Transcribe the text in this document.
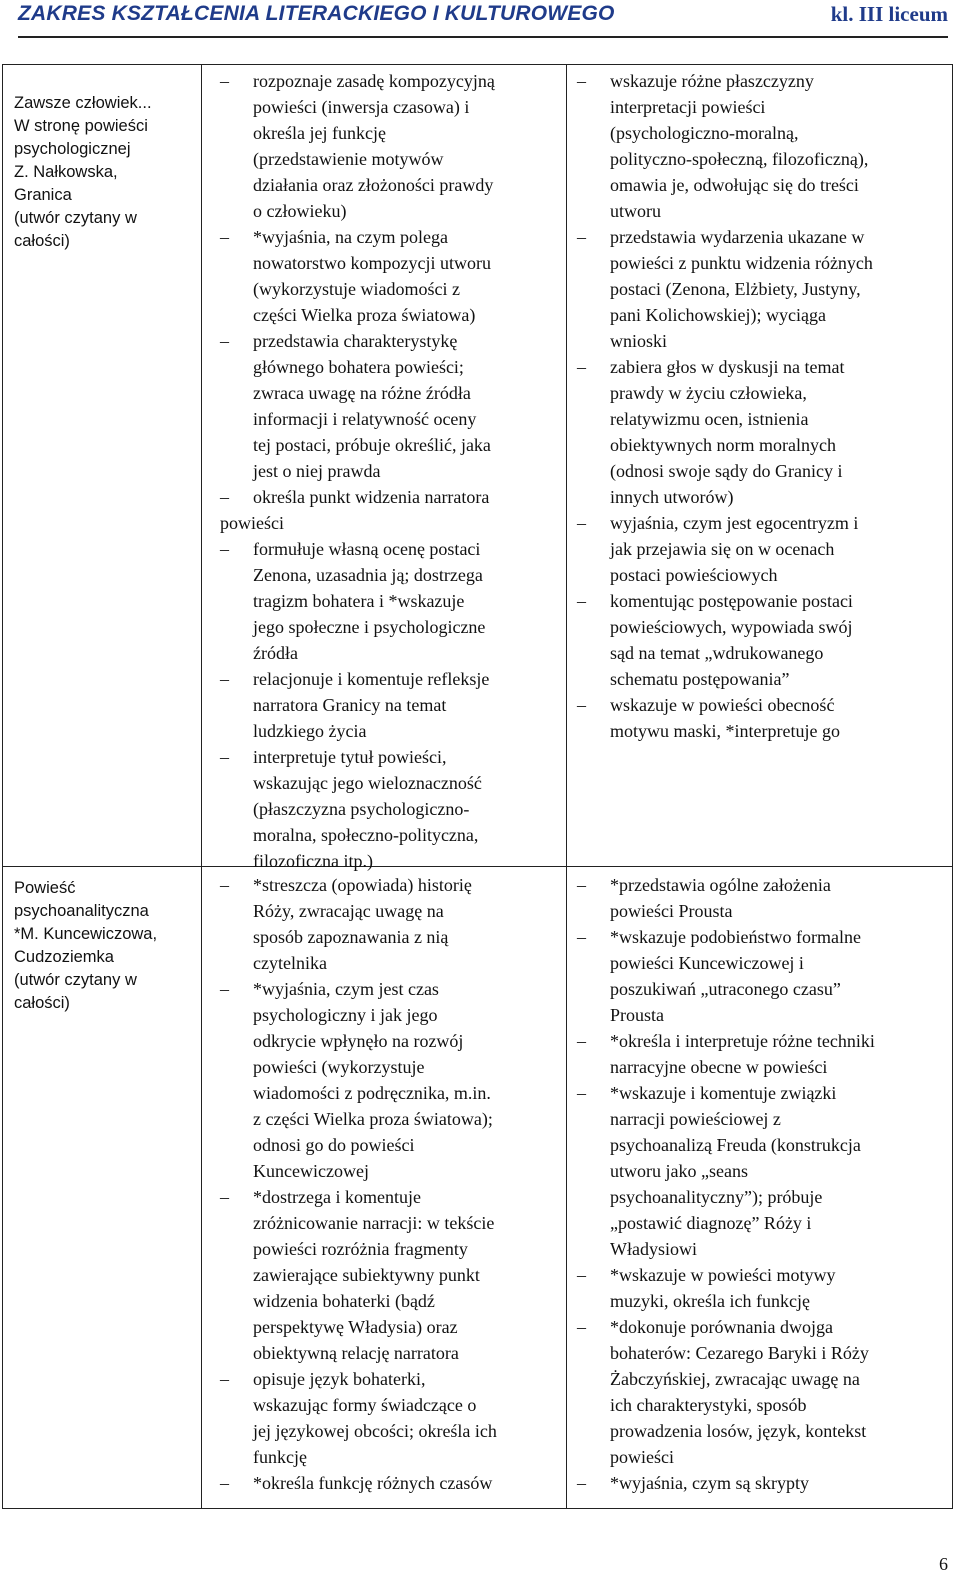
ZAKRES KSZTAŁCENIA LITERACKIEGO I KULTUROWEGO	kl. III liceum
Zawsze człowiek...
W stronę powieści
psychologicznej
Z. Nałkowska,
Granica
(utwór czytany w
całości)
– rozpoznaje zasadę kompozycyjną
powieści (inwersja czasowa) i
określa jej funkcję
(przedstawienie motywów
działania oraz złożoności prawdy
o człowieku)
– *wyjaśnia, na czym polega
nowatorstwo kompozycji utworu
(wykorzystuje wiadomości z
części Wielka proza światowa)
– przedstawia charakterystykę
głównego bohatera powieści;
zwraca uwagę na różne źródła
informacji i relatywność oceny
tej postaci, próbuje określić, jaka
jest o niej prawda
– określa punkt widzenia narratora
powieści
– formułuje własną ocenę postaci
Zenona, uzasadnia ją; dostrzega
tragizm bohatera i *wskazuje
jego społeczne i psychologiczne
źródła
– relacjonuje i komentuje refleksje
narratora Granicy na temat
ludzkiego życia
– interpretuje tytuł powieści,
wskazując jego wieloznaczność
(płaszczyzna psychologiczno-
moralna, społeczno-polityczna,
filozoficzna itp.)
– wskazuje różne płaszczyzny
interpretacji powieści
(psychologiczno-moralną,
polityczno-społeczną, filozoficzną),
omawia je, odwołując się do treści
utworu
– przedstawia wydarzenia ukazane w
powieści z punktu widzenia różnych
postaci (Zenona, Elżbiety, Justyny,
pani Kolichowskiej); wyciąga
wnioski
– zabiera głos w dyskusji na temat
prawdy w życiu człowieka,
relatywizmu ocen, istnienia
obiektywnych norm moralnych
(odnosi swoje sądy do Granicy i
innych utworów)
– wyjaśnia, czym jest egocentryzm i
jak przejawia się on w ocenach
postaci powieściowych
– komentując postępowanie postaci
powieściowych, wypowiada swój
sąd na temat „wdrukowanego
schematu postępowania”
– wskazuje w powieści obecność
motywu maski, *interpretuje go
Powieść
psychoanalityczna
*M. Kuncewiczowa,
Cudzoziemka
(utwór czytany w
całości)
– *streszcza (opowiada) historię
Róży, zwracając uwagę na
sposób zapoznawania z nią
czytelnika
– *wyjaśnia, czym jest czas
psychologiczny i jak jego
odkrycie wpłynęło na rozwój
powieści (wykorzystuje
wiadomości z podręcznika, m.in.
z części Wielka proza światowa);
odnosi go do powieści
Kuncewiczowej
– *dostrzega i komentuje
zróżnicowanie narracji: w tekście
powieści rozróżnia fragmenty
zawierające subiektywny punkt
widzenia bohaterki (bądź
perspektywę Władysia) oraz
obiektywną relację narratora
– opisuje język bohaterki,
wskazując formy świadczące o
jej językowej obcości; określa ich
funkcję
– *określa funkcję różnych czasów
– *przedstawia ogólne założenia
powieści Prousta
– *wskazuje podobieństwo formalne
powieści Kuncewiczowej i
poszukiwań „utraconego czasu”
Prousta
– *określa i interpretuje różne techniki
narracyjne obecne w powieści
– *wskazuje i komentuje związki
narracji powieściowej z
psychoanalizą Freuda (konstrukcja
utworu jako „seans
psychoanalityczny”); próbuje
„postawić diagnozę” Róży i
Władysiowi
– *wskazuje w powieści motywy
muzyki, określa ich funkcję
– *dokonuje porównania dwojga
bohaterów: Cezarego Baryki i Róży
Żabczyńskiej, zwracając uwagę na
ich charakterystyki, sposób
prowadzenia losów, język, kontekst
powieści
– *wyjaśnia, czym są skrypty
6
